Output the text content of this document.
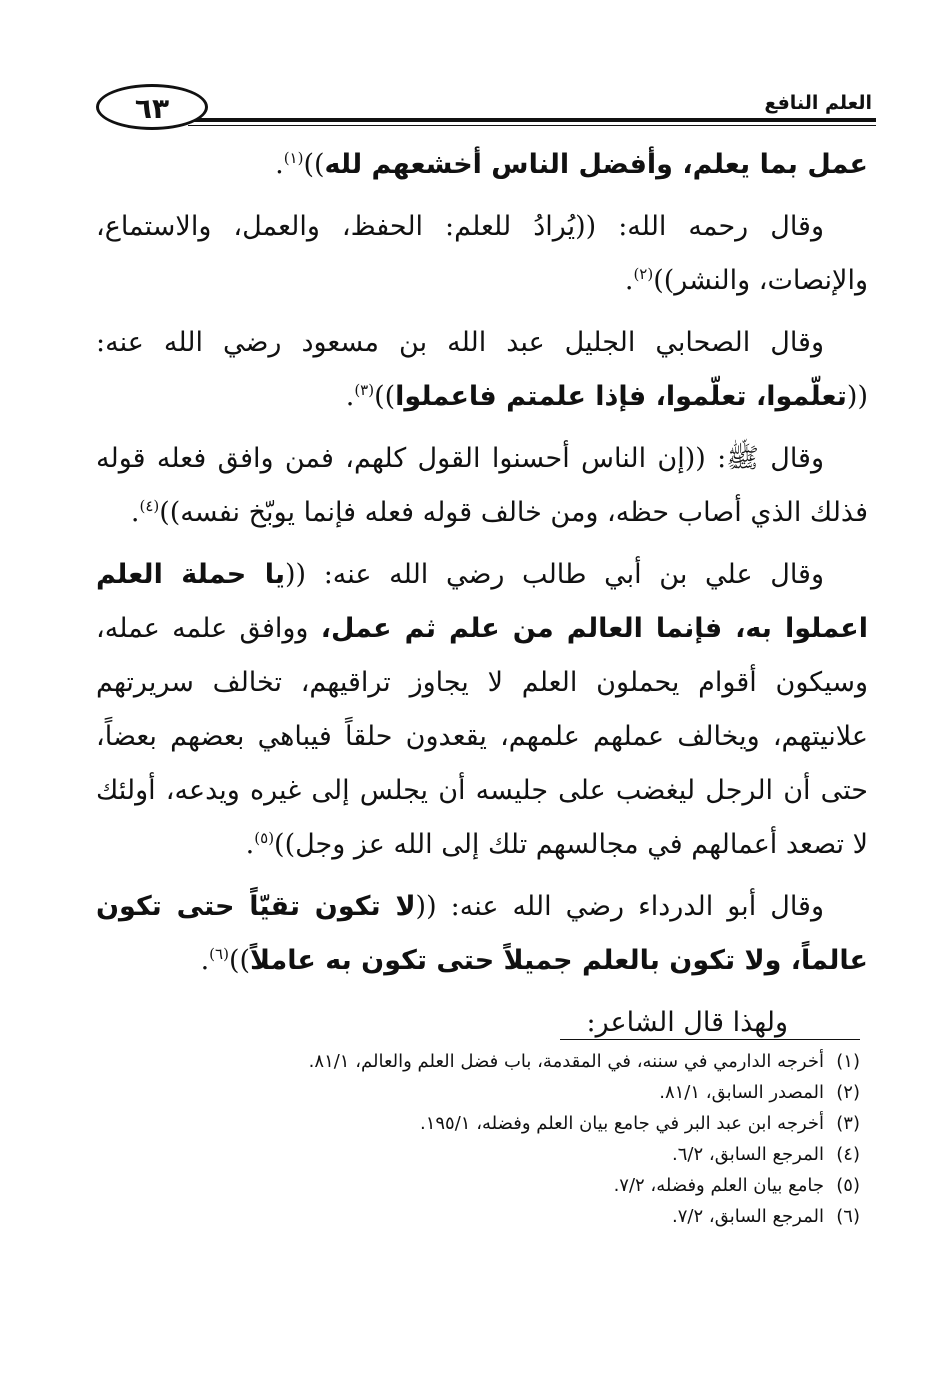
العلم النافع
٦٣

عمل بما يعلم، وأفضل الناس أخشعهم لله))$^{(١)}$.

وقال رحمه الله: ((يُرادُ للعلم: الحفظ، والعمل، والاستماع، والإنصات، والنشر))$^{(٢)}$.

وقال الصحابي الجليل عبد الله بن مسعود رضي الله عنه: ((تعلّموا، تعلّموا، فإذا علمتم فاعملوا))$^{(٣)}$.

وقال ﷺ: ((إن الناس أحسنوا القول كلهم، فمن وافق فعله قوله فذلك الذي أصاب حظه، ومن خالف قوله فعله فإنما يوبّخ نفسه))$^{(٤)}$.

وقال علي بن أبي طالب رضي الله عنه: ((يا حملة العلم اعملوا به، فإنما العالم من علم ثم عمل، ووافق علمه عمله، وسيكون أقوام يحملون العلم لا يجاوز تراقيهم، تخالف سريرتهم علانيتهم، ويخالف عملهم علمهم، يقعدون حلقاً فيباهي بعضهم بعضاً، حتى أن الرجل ليغضب على جليسه أن يجلس إلى غيره ويدعه، أولئك لا تصعد أعمالهم في مجالسهم تلك إلى الله عز وجل))$^{(٥)}$.

وقال أبو الدرداء رضي الله عنه: ((لا تكون تقيّاً حتى تكون عالماً، ولا تكون بالعلم جميلاً حتى تكون به عاملاً))$^{(٦)}$.

ولهذا قال الشاعر:

(١)أخرجه الدارمي في سننه، في المقدمة، باب فضل العلم والعالم، ٨١/١.
(٢)المصدر السابق، ٨١/١.
(٣)أخرجه ابن عبد البر في جامع بيان العلم وفضله، ١٩٥/١.
(٤)المرجع السابق، ٦/٢.
(٥)جامع بيان العلم وفضله، ٧/٢.
(٦)المرجع السابق، ٧/٢.
